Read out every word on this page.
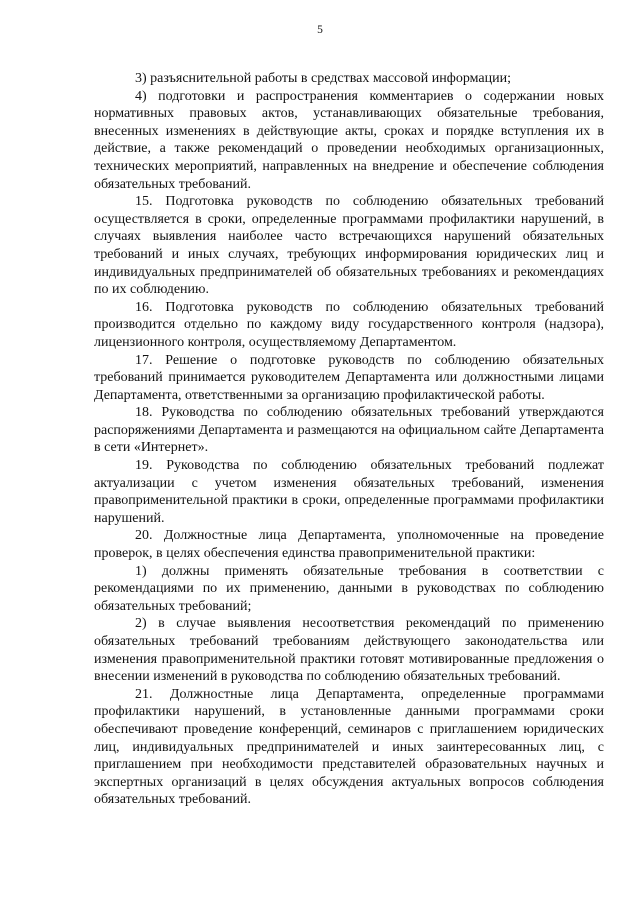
5

3) разъяснительной работы в средствах массовой информации;

4) подготовки и распространения комментариев о содержании новых нормативных правовых актов, устанавливающих обязательные требования, внесенных изменениях в действующие акты, сроках и порядке вступления их в действие, а также рекомендаций о проведении необходимых организационных, технических мероприятий, направленных на внедрение и обеспечение соблюдения обязательных требований.

15. Подготовка руководств по соблюдению обязательных требований осуществляется в сроки, определенные программами профилактики нарушений, в случаях выявления наиболее часто встречающихся нарушений обязательных требований и иных случаях, требующих информирования юридических лиц и индивидуальных предпринимателей об обязательных требованиях и рекомендациях по их соблюдению.

16. Подготовка руководств по соблюдению обязательных требований производится отдельно по каждому виду государственного контроля (надзора), лицензионного контроля, осуществляемому Департаментом.

17. Решение о подготовке руководств по соблюдению обязательных требований принимается руководителем Департамента или должностными лицами Департамента, ответственными за организацию профилактической работы.

18. Руководства по соблюдению обязательных требований утверждаются распоряжениями Департамента и размещаются на официальном сайте Департамента в сети «Интернет».

19. Руководства по соблюдению обязательных требований подлежат актуализации с учетом изменения обязательных требований, изменения правоприменительной практики в сроки, определенные программами профилактики нарушений.

20. Должностные лица Департамента, уполномоченные на проведение проверок, в целях обеспечения единства правоприменительной практики:

1) должны применять обязательные требования в соответствии с рекомендациями по их применению, данными в руководствах по соблюдению обязательных требований;

2) в случае выявления несоответствия рекомендаций по применению обязательных требований требованиям действующего законодательства или изменения правоприменительной практики готовят мотивированные предложения о внесении изменений в руководства по соблюдению обязательных требований.

21. Должностные лица Департамента, определенные программами профилактики нарушений, в установленные данными программами сроки обеспечивают проведение конференций, семинаров с приглашением юридических лиц, индивидуальных предпринимателей и иных заинтересованных лиц, с приглашением при необходимости представителей образовательных научных и экспертных организаций в целях обсуждения актуальных вопросов соблюдения обязательных требований.
